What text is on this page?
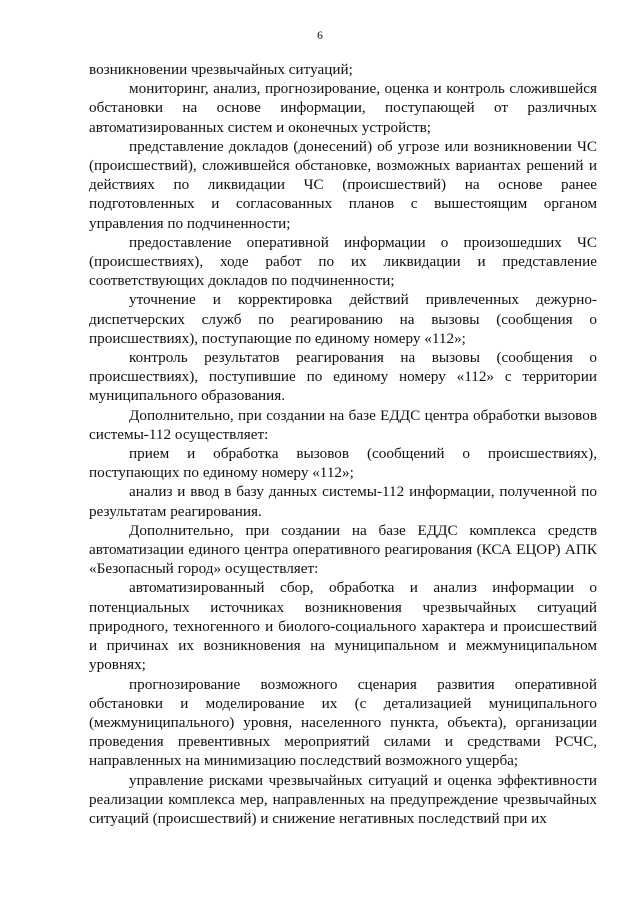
6

возникновении чрезвычайных ситуаций;

мониторинг, анализ, прогнозирование, оценка и контроль сложившейся обстановки на основе информации, поступающей от различных автоматизированных систем и оконечных устройств;

представление докладов (донесений) об угрозе или возникновении ЧС (происшествий), сложившейся обстановке, возможных вариантах решений и действиях по ликвидации ЧС (происшествий) на основе ранее подготовленных и согласованных планов с вышестоящим органом управления по подчиненности;

предоставление оперативной информации о произошедших ЧС (происшествиях), ходе работ по их ликвидации и представление соответствующих докладов по подчиненности;

уточнение и корректировка действий привлеченных дежурно-диспетчерских служб по реагированию на вызовы (сообщения о происшествиях), поступающие по единому номеру «112»;

контроль результатов реагирования на вызовы (сообщения о происшествиях), поступившие по единому номеру «112» с территории муниципального образования.

Дополнительно, при создании на базе ЕДДС центра обработки вызовов системы-112 осуществляет:

прием и обработка вызовов (сообщений о происшествиях), поступающих по единому номеру «112»;

анализ и ввод в базу данных системы-112 информации, полученной по результатам реагирования.

Дополнительно, при создании на базе ЕДДС комплекса средств автоматизации единого центра оперативного реагирования (КСА ЕЦОР) АПК «Безопасный город» осуществляет:

автоматизированный сбор, обработка и анализ информации о потенциальных источниках возникновения чрезвычайных ситуаций природного, техногенного и биолого-социального характера и происшествий и причинах их возникновения на муниципальном и межмуниципальном уровнях;

прогнозирование возможного сценария развития оперативной обстановки и моделирование их (с детализацией муниципального (межмуниципального) уровня, населенного пункта, объекта), организации проведения превентивных мероприятий силами и средствами РСЧС, направленных на минимизацию последствий возможного ущерба;

управление рисками чрезвычайных ситуаций и оценка эффективности реализации комплекса мер, направленных на предупреждение чрезвычайных ситуаций (происшествий) и снижение негативных последствий при их
